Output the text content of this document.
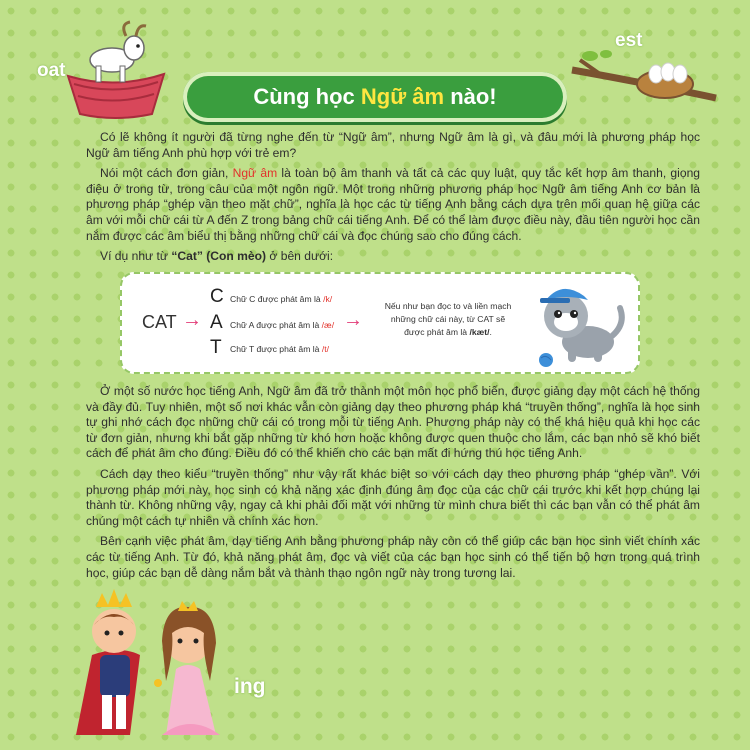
oat
est
ing
Cùng học Ngữ âm nào!

Có lẽ không ít người đã từng nghe đến từ “Ngữ âm”, nhưng Ngữ âm là gì, và đâu mới là phương pháp học Ngữ âm tiếng Anh phù hợp với trẻ em?

Nói một cách đơn giản, Ngữ âm là toàn bộ âm thanh và tất cả các quy luật, quy tắc kết hợp âm thanh, giọng điệu ở trong từ, trong câu của một ngôn ngữ. Một trong những phương pháp học Ngữ âm tiếng Anh cơ bản là phương pháp “ghép vần theo mặt chữ”, nghĩa là học các từ tiếng Anh bằng cách dựa trên mối quan hệ giữa các âm với mỗi chữ cái từ A đến Z trong bảng chữ cái tiếng Anh. Để có thể làm được điều này, đầu tiên người học cần nắm được các âm biểu thị bằng những chữ cái và đọc chúng sao cho đúng cách.

Ví dụ như từ “Cat” (Con mèo) ở bên dưới:

CAT →
C Chữ C được phát âm là /k/
A Chữ A được phát âm là /æ/
T Chữ T được phát âm là /t/
→
Nếu như bạn đọc to và liền mạch những chữ cái này, từ CAT sẽ được phát âm là /kæt/.

Ở một số nước học tiếng Anh, Ngữ âm đã trở thành một môn học phổ biến, được giảng dạy một cách hệ thống và đầy đủ. Tuy nhiên, một số nơi khác vẫn còn giảng dạy theo phương pháp khá “truyền thống”, nghĩa là học sinh tự ghi nhớ cách đọc những chữ cái có trong mỗi từ tiếng Anh. Phương pháp này có thể khá hiệu quả khi học các từ đơn giản, nhưng khi bắt gặp những từ khó hơn hoặc không được quen thuộc cho lắm, các bạn nhỏ sẽ khó biết cách để phát âm cho đúng. Điều đó có thể khiến cho các bạn mất đi hứng thú học tiếng Anh.

Cách dạy theo kiểu “truyền thống” như vậy rất khác biệt so với cách dạy theo phương pháp “ghép vần”. Với phương pháp mới này, học sinh có khả năng xác định đúng âm đọc của các chữ cái trước khi kết hợp chúng lại thành từ. Không những vậy, ngay cả khi phải đối mặt với những từ mình chưa biết thì các bạn vẫn có thể phát âm chúng một cách tự nhiên và chính xác hơn.

Bên cạnh việc phát âm, dạy tiếng Anh bằng phương pháp này còn có thể giúp các bạn học sinh viết chính xác các từ tiếng Anh. Từ đó, khả năng phát âm, đọc và viết của các bạn học sinh có thể tiến bộ hơn trong quá trình học, giúp các bạn dễ dàng nắm bắt và thành thạo ngôn ngữ này trong tương lai.
